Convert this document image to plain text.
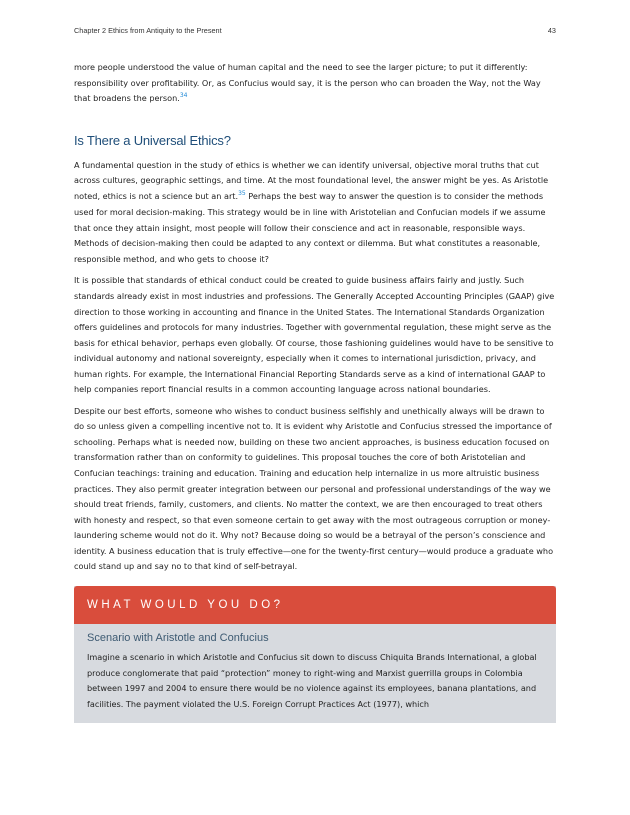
Chapter 2 Ethics from Antiquity to the Present	43

more people understood the value of human capital and the need to see the larger picture; to put it differently: responsibility over profitability. Or, as Confucius would say, it is the person who can broaden the Way, not the Way that broadens the person.$^{34}$

Is There a Universal Ethics?

A fundamental question in the study of ethics is whether we can identify universal, objective moral truths that cut across cultures, geographic settings, and time. At the most foundational level, the answer might be yes. As Aristotle noted, ethics is not a science but an art.$^{35}$ Perhaps the best way to answer the question is to consider the methods used for moral decision-making. This strategy would be in line with Aristotelian and Confucian models if we assume that once they attain insight, most people will follow their conscience and act in reasonable, responsible ways. Methods of decision-making then could be adapted to any context or dilemma. But what constitutes a reasonable, responsible method, and who gets to choose it?

It is possible that standards of ethical conduct could be created to guide business affairs fairly and justly. Such standards already exist in most industries and professions. The Generally Accepted Accounting Principles (GAAP) give direction to those working in accounting and finance in the United States. The International Standards Organization offers guidelines and protocols for many industries. Together with governmental regulation, these might serve as the basis for ethical behavior, perhaps even globally. Of course, those fashioning guidelines would have to be sensitive to individual autonomy and national sovereignty, especially when it comes to international jurisdiction, privacy, and human rights. For example, the International Financial Reporting Standards serve as a kind of international GAAP to help companies report financial results in a common accounting language across national boundaries.

Despite our best efforts, someone who wishes to conduct business selfishly and unethically always will be drawn to do so unless given a compelling incentive not to. It is evident why Aristotle and Confucius stressed the importance of schooling. Perhaps what is needed now, building on these two ancient approaches, is business education focused on transformation rather than on conformity to guidelines. This proposal touches the core of both Aristotelian and Confucian teachings: training and education. Training and education help internalize in us more altruistic business practices. They also permit greater integration between our personal and professional understandings of the way we should treat friends, family, customers, and clients. No matter the context, we are then encouraged to treat others with honesty and respect, so that even someone certain to get away with the most outrageous corruption or money-laundering scheme would not do it. Why not? Because doing so would be a betrayal of the person’s conscience and identity. A business education that is truly effective—one for the twenty-first century—would produce a graduate who could stand up and say no to that kind of self-betrayal.

WHAT WOULD YOU DO?
Scenario with Aristotle and Confucius

Imagine a scenario in which Aristotle and Confucius sit down to discuss Chiquita Brands International, a global produce conglomerate that paid “protection” money to right-wing and Marxist guerrilla groups in Colombia between 1997 and 2004 to ensure there would be no violence against its employees, banana plantations, and facilities. The payment violated the U.S. Foreign Corrupt Practices Act (1977), which
